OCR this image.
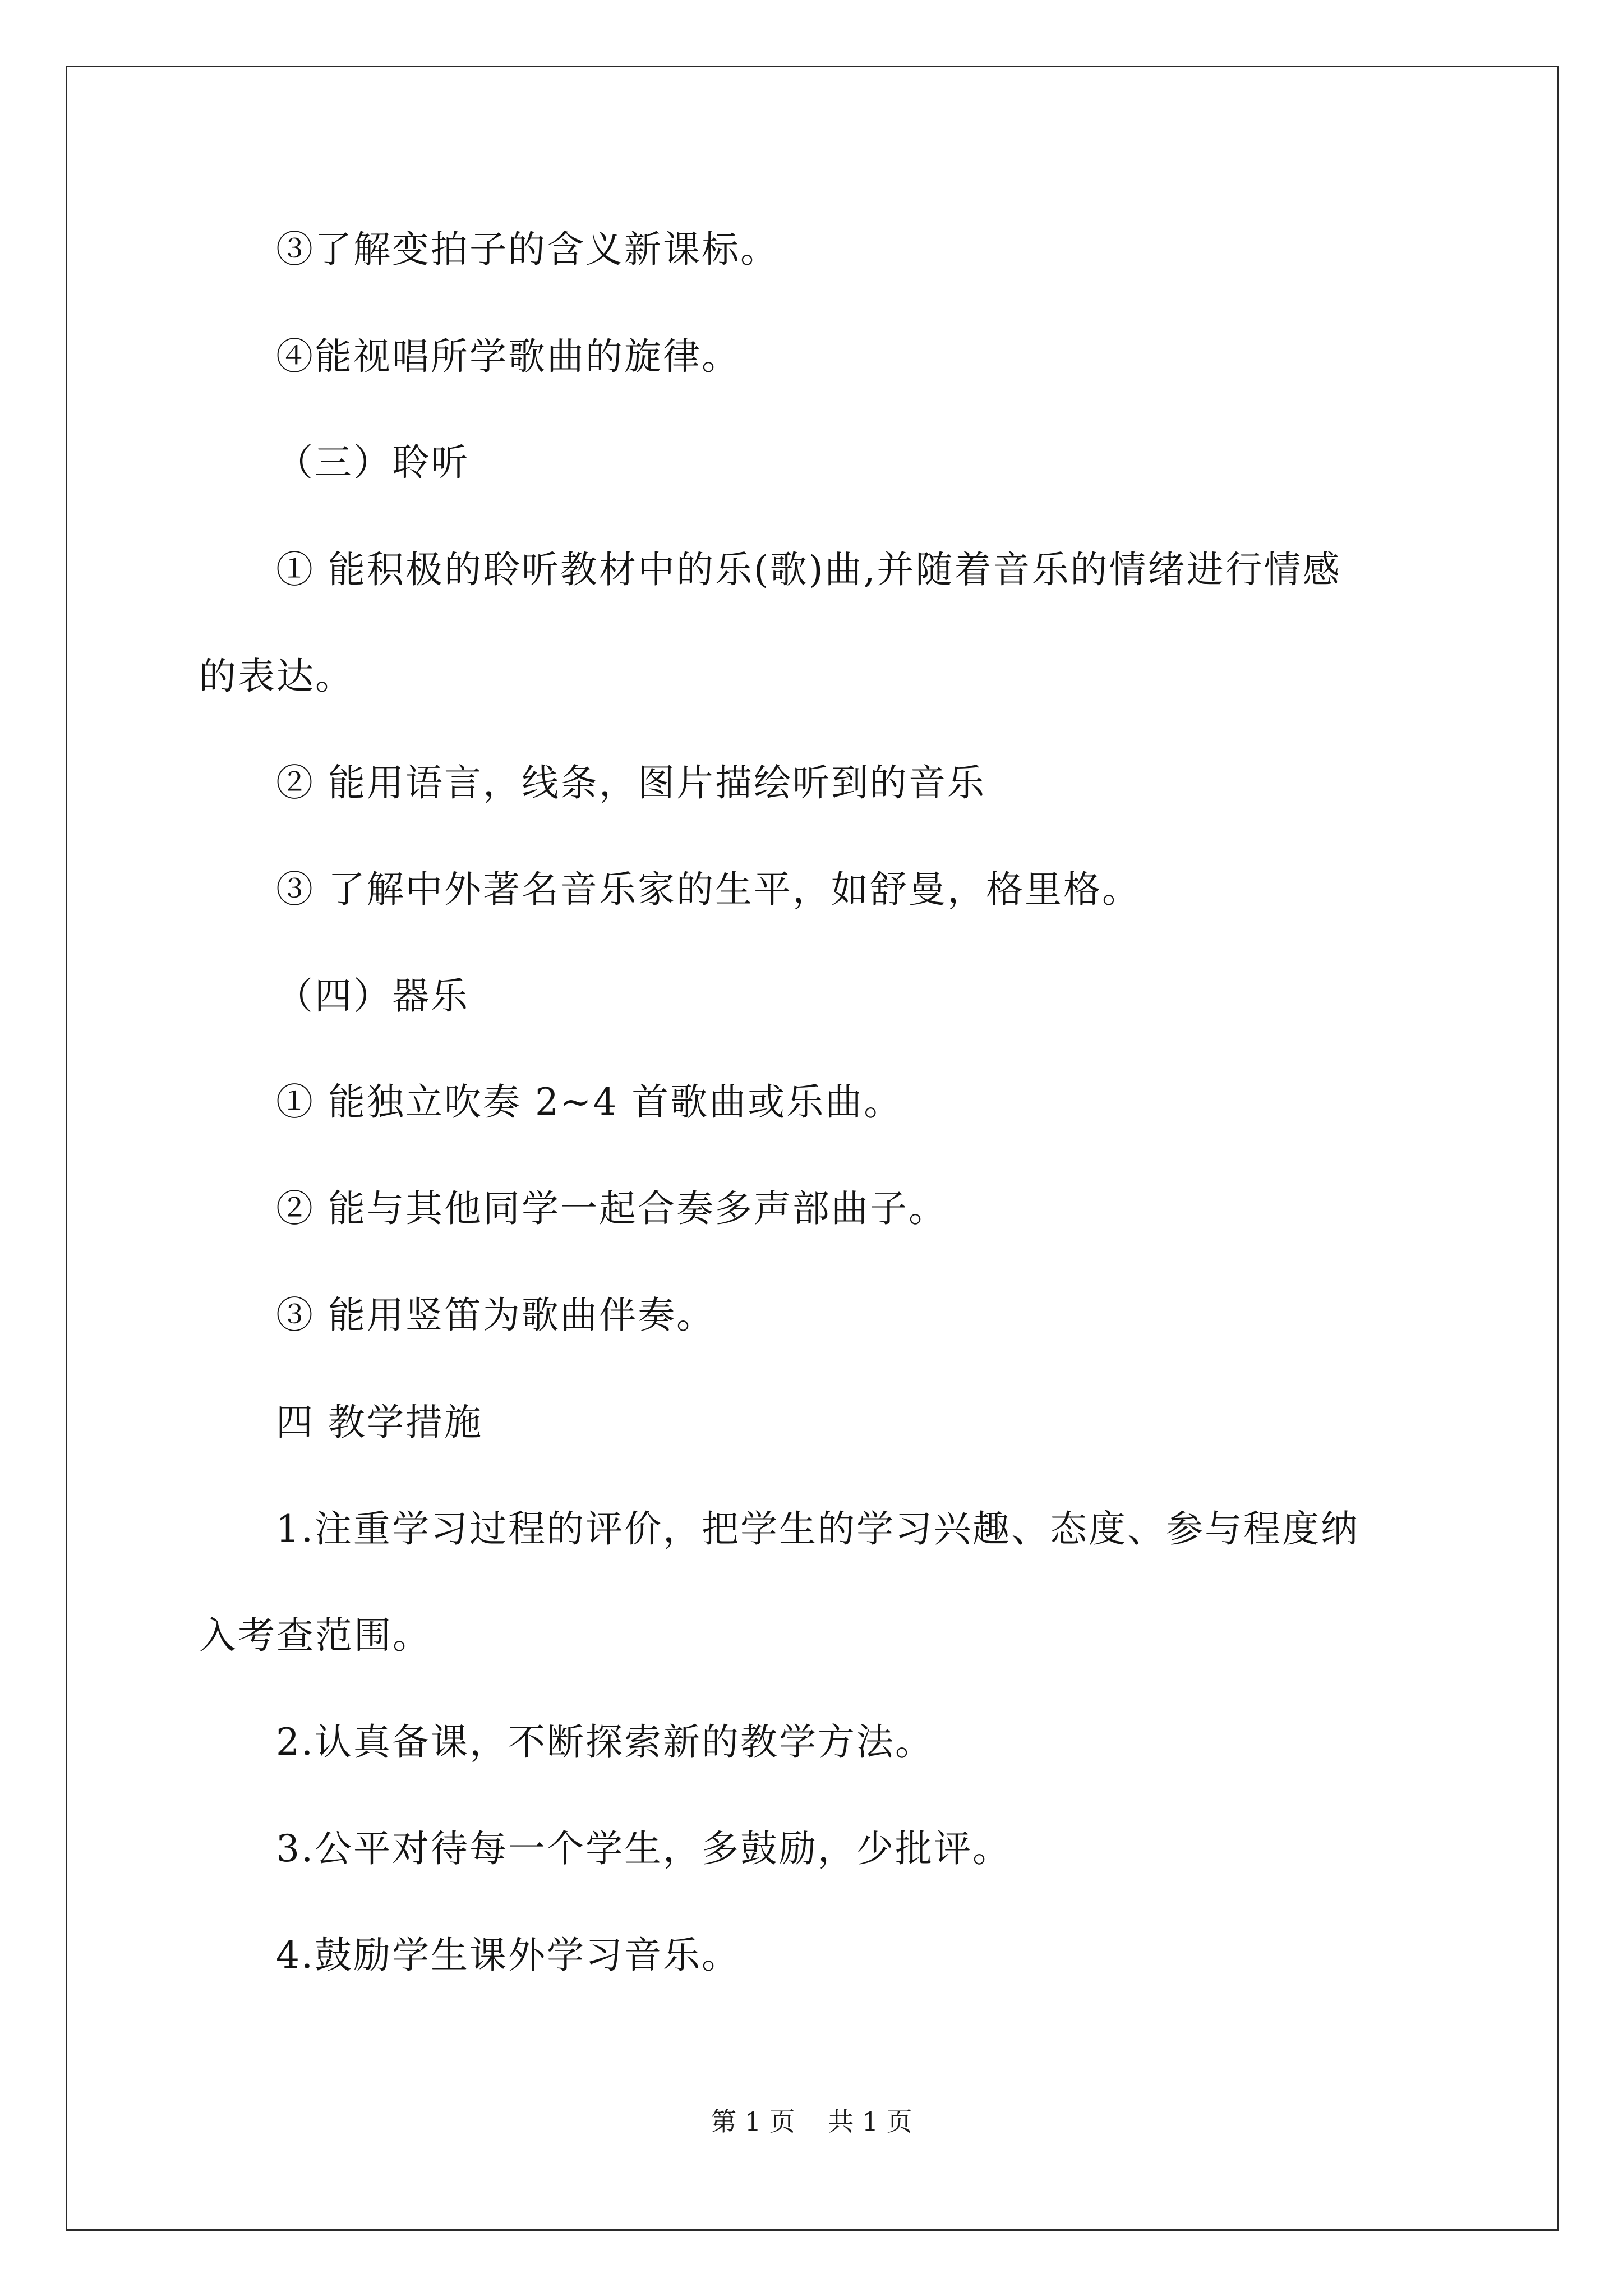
③了解变拍子的含义新课标。
④能视唱所学歌曲的旋律。
（三）聆听
① 能积极的聆听教材中的乐(歌)曲,并随着音乐的情绪进行情感
的表达。
② 能用语言，线条，图片描绘听到的音乐
③ 了解中外著名音乐家的生平，如舒曼，格里格。
（四）器乐
① 能独立吹奏 2~4 首歌曲或乐曲。
② 能与其他同学一起合奏多声部曲子。
③ 能用竖笛为歌曲伴奏。
四 教学措施
1.注重学习过程的评价，把学生的学习兴趣、态度、参与程度纳
入考查范围。
2.认真备课，不断探索新的教学方法。
3.公平对待每一个学生，多鼓励，少批评。
4.鼓励学生课外学习音乐。
第 1 页    共 1 页
